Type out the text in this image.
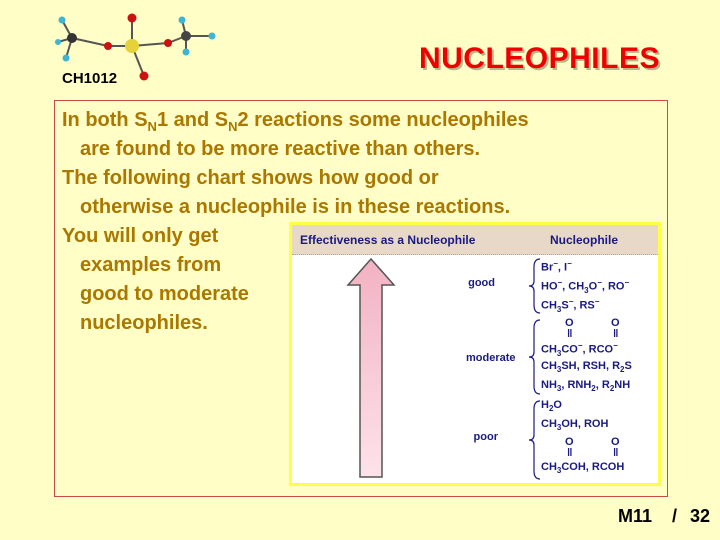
CH1012
NUCLEOPHILES
In both $S_N1$ and $S_N2$ reactions some nucleophiles
are found to be more reactive than others.
The following chart shows how good or
otherwise a nucleophile is in these reactions.
You will only get
examples from
good to moderate
nucleophiles.
Effectiveness as a Nucleophile	Nucleophile
good
moderate
poor
Br−, I−
HO−, $CH_3O^-$, RO−
$CH_3S^-$, RS−
O
‖
O
‖
$CH_3CO^-$, RCO−
$CH_3SH$, RSH, $R_2S$
$NH_3$, $RNH_2$, $R_2NH$
$H_2O$
$CH_3OH$, ROH
O
‖
O
‖
$CH_3COH$, RCOH
M11 / 32
